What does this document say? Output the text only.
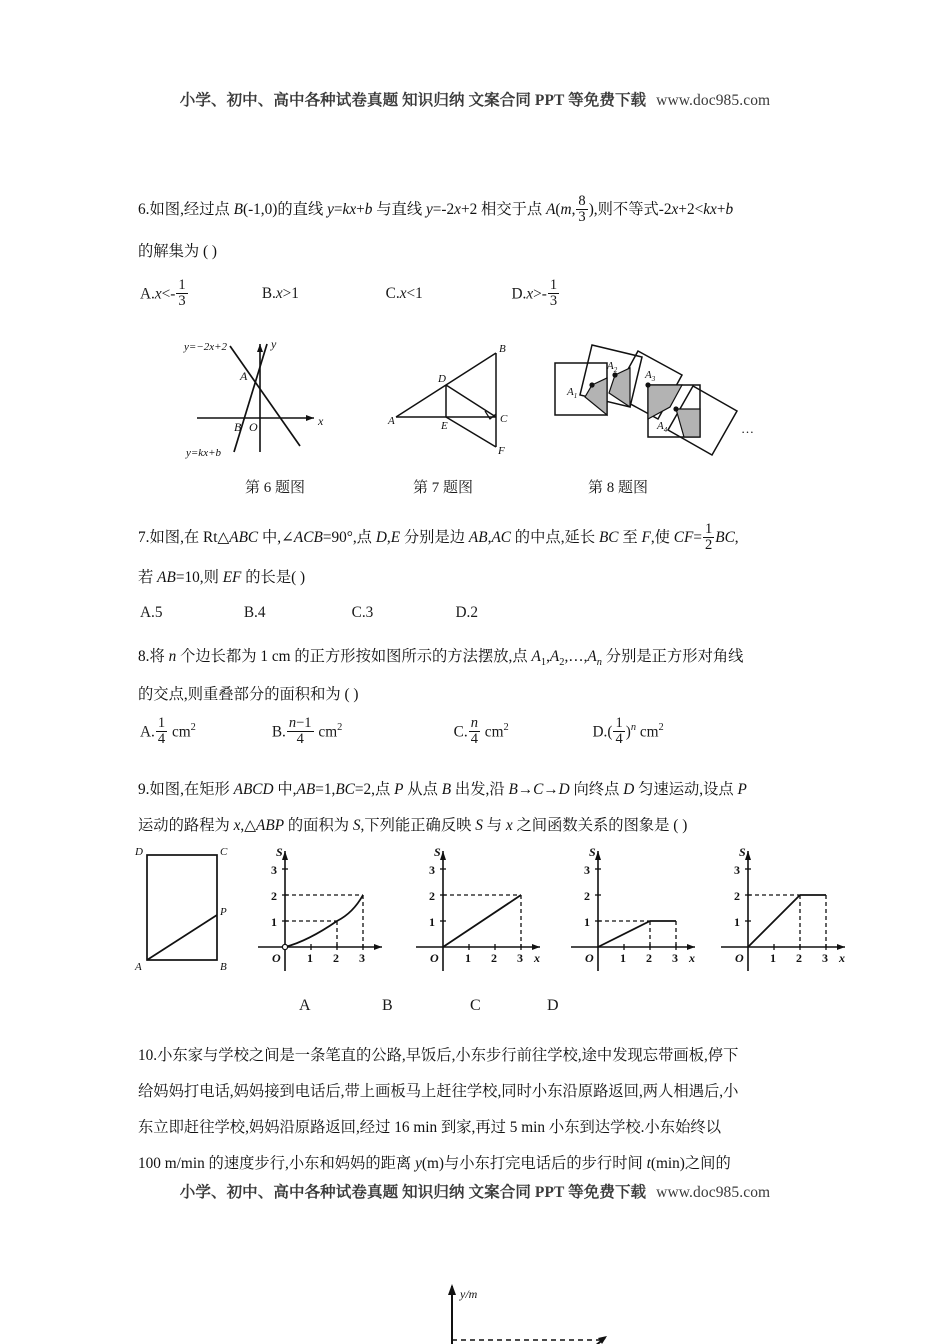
小学、初中、高中各种试卷真题 知识归纳 文案合同 PPT 等免费下载 www.doc985.com
6.如图,经过点 B(-1,0)的直线 y=kx+b 与直线 y=-2x+2 相交于点 A(m, $\frac{8}{3}$ ),则不等式-2x+2<kx+b
的解集为 ( )
$A.x<- \frac{1}{3}$	B.x>1	C.x<1	$D.x>- \frac{1}{3}$
y=−2x+2
y=kx+b
y
x
B O
A
A
B
C
D
E
F
$A_1$
$A_2$	$A_3$
$A_4$	…
第 6 题图	第 7 题图	第 8 题图
7.如图,在 Rt△ABC 中,∠ACB=90°,点 D,E 分别是边 AB,AC 的中点,延长 BC 至 F,使 $CF= \frac{1}{2}$ BC,
若 AB=10,则 EF 的长是( )
A.5	B.4	C.3	D.2
8.将 n 个边长都为 1 cm 的正方形按如图所示的方法摆放,点 $A_1,A_2,\dots,A_n$ 分别是正方形对角线
的交点,则重叠部分的面积和为 ( )
A. $\frac{1}{4} cm^2$	B. $\frac{n-1}{4} cm^2$	C. $\frac{n}{4} cm^2$	$D.( \frac{1}{4} )^n$ $cm^2$
9.如图,在矩形 ABCD 中,AB=1,BC=2,点 P 从点 B 出发,沿 B→C→D 向终点 D 匀速运动,设点 P
运动的路程为 x,△ABP 的面积为 S,下列能正确反映 S 与 x 之间函数关系的图象是 ( )
D	C
A	B
P
S
1
2
3
O 1 2 3
S
1
2
3
O 1 2 3 x
S
1
2
3
O 1 2 3 x
S
1
2
3
O 1 2 3 x
A	B	C	D
10.小东家与学校之间是一条笔直的公路,早饭后,小东步行前往学校,途中发现忘带画板,停下
给妈妈打电话,妈妈接到电话后,带上画板马上赶往学校,同时小东沿原路返回,两人相遇后,小
东立即赶往学校,妈妈沿原路返回,经过 16 min 到家,再过 5 min 小东到达学校.小东始终以
100 m/min 的速度步行,小东和妈妈的距离 y(m)与小东打完电话后的步行时间 t(min)之间的
小学、初中、高中各种试卷真题 知识归纳 文案合同 PPT 等免费下载 www.doc985.com
y/m
